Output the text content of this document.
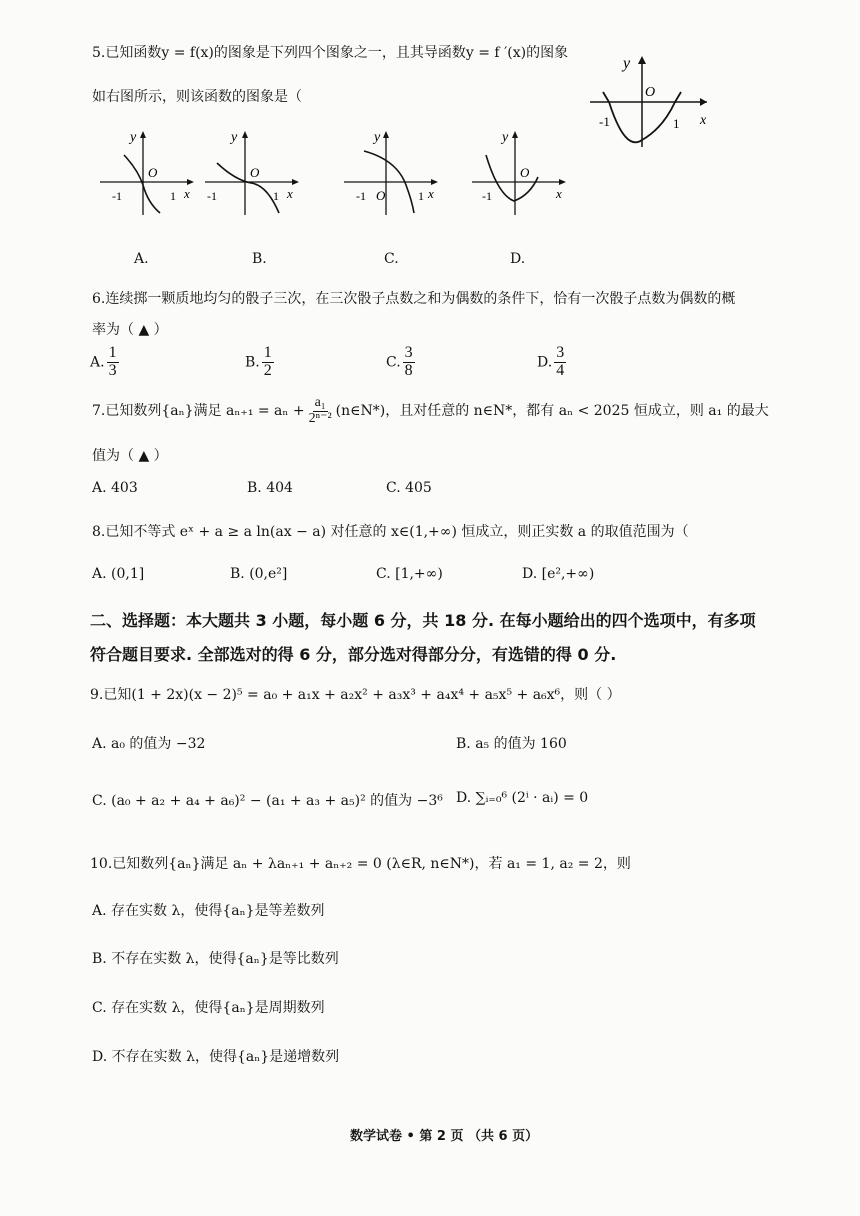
5.已知函数y = f(x)的图象是下列四个图象之一，且其导函数y = f ′(x)的图象
如右图所示，则该函数的图象是（
y
O
-1	1 x
y
O
-1	1 x
y
O
-1	1 x
y
-1 O	1 x
y
O
-1	x
A.	B.	C.	D.
6.连续掷一颗质地均匀的骰子三次，在三次骰子点数之和为偶数的条件下，恰有一次骰子点数为偶数的概
率为（ ▲ ）
A. $\frac{1}{3}$	B. $\frac{1}{2}$	C. $\frac{3}{8}$	D. $\frac{3}{4}$
7.已知数列{aₙ}满足 $a_{n+1} = a_n + \frac{\text{a₁}}{\text{2ⁿ⁻²}}$ (n∈N*)，且对任意的 n∈N*，都有 aₙ < 2025 恒成立，则 a₁ 的最大
值为（ ▲ ）
A. 403	B. 404	C. 405
8.已知不等式 eˣ + a ≥ a ln(ax − a) 对任意的 x∈(1,+∞) 恒成立，则正实数 a 的取值范围为（
A. (0,1]	B. (0,e²]	C. [1,+∞)	D. [e²,+∞)
二、选择题：本大题共 3 小题，每小题 6 分，共 18 分. 在每小题给出的四个选项中，有多项
符合题目要求. 全部选对的得 6 分，部分选对得部分分，有选错的得 0 分.
9.已知(1 + 2x)(x − 2)⁵ = a₀ + a₁x + a₂x² + a₃x³ + a₄x⁴ + a₅x⁵ + a₆x⁶，则（ ）
A. a₀ 的值为 −32	B. a₅ 的值为 160
C. (a₀ + a₂ + a₄ + a₆)² − (a₁ + a₃ + a₅)² 的值为 −3⁶ D. ∑ᵢ₌₀⁶ (2ⁱ · aᵢ) = 0
10.已知数列{aₙ}满足 aₙ + λaₙ₊₁ + aₙ₊₂ = 0 (λ∈R, n∈N*)，若 a₁ = 1, a₂ = 2，则
A. 存在实数 λ，使得{aₙ}是等差数列
B. 不存在实数 λ，使得{aₙ}是等比数列
C. 存在实数 λ，使得{aₙ}是周期数列
D. 不存在实数 λ，使得{aₙ}是递增数列
数学试卷 • 第 2 页 （共 6 页）
